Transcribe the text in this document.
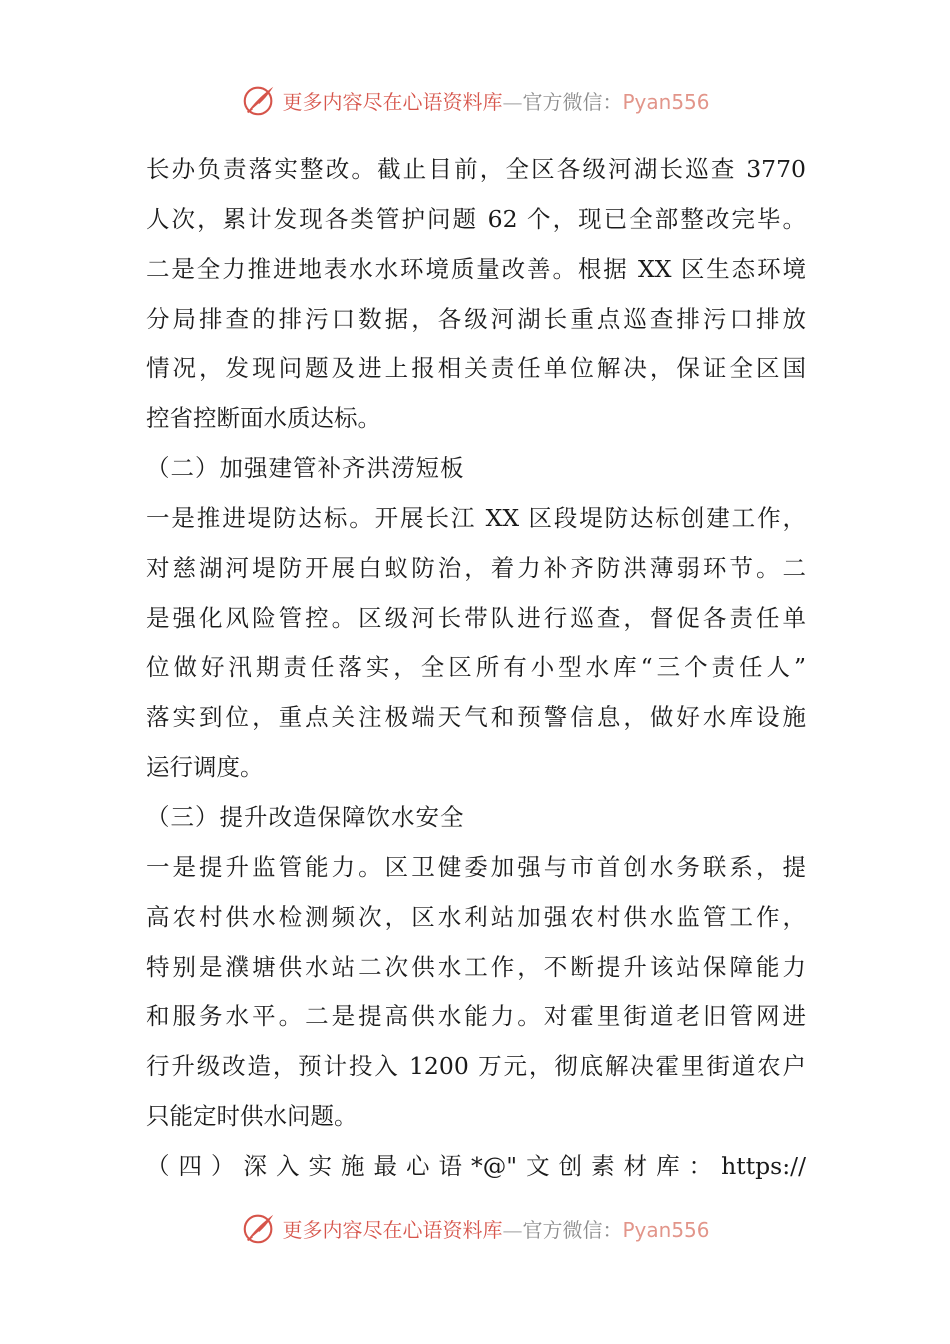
更多内容尽在心语资料库—官方微信：Pyan556
长办负责落实整改。截止目前，全区各级河湖长巡查 3770
人次，累计发现各类管护问题 62 个，现已全部整改完毕。
二是全力推进地表水水环境质量改善。根据 XX 区生态环境
分局排查的排污口数据，各级河湖长重点巡查排污口排放
情况，发现问题及进上报相关责任单位解决，保证全区国
控省控断面水质达标。
（二）加强建管补齐洪涝短板
一是推进堤防达标。开展长江 XX 区段堤防达标创建工作，
对慈湖河堤防开展白蚁防治，着力补齐防洪薄弱环节。二
是强化风险管控。区级河长带队进行巡查，督促各责任单
位做好汛期责任落实，全区所有小型水库“三个责任人”
落实到位，重点关注极端天气和预警信息，做好水库设施
运行调度。
（三）提升改造保障饮水安全
一是提升监管能力。区卫健委加强与市首创水务联系，提
高农村供水检测频次，区水利站加强农村供水监管工作，
特别是濮塘供水站二次供水工作，不断提升该站保障能力
和服务水平。二是提高供水能力。对霍里街道老旧管网进
行升级改造，预计投入 1200 万元，彻底解决霍里街道农户
只能定时供水问题。
（四）深入实施最心语*@"文创素材库：https://
更多内容尽在心语资料库—官方微信：Pyan556
